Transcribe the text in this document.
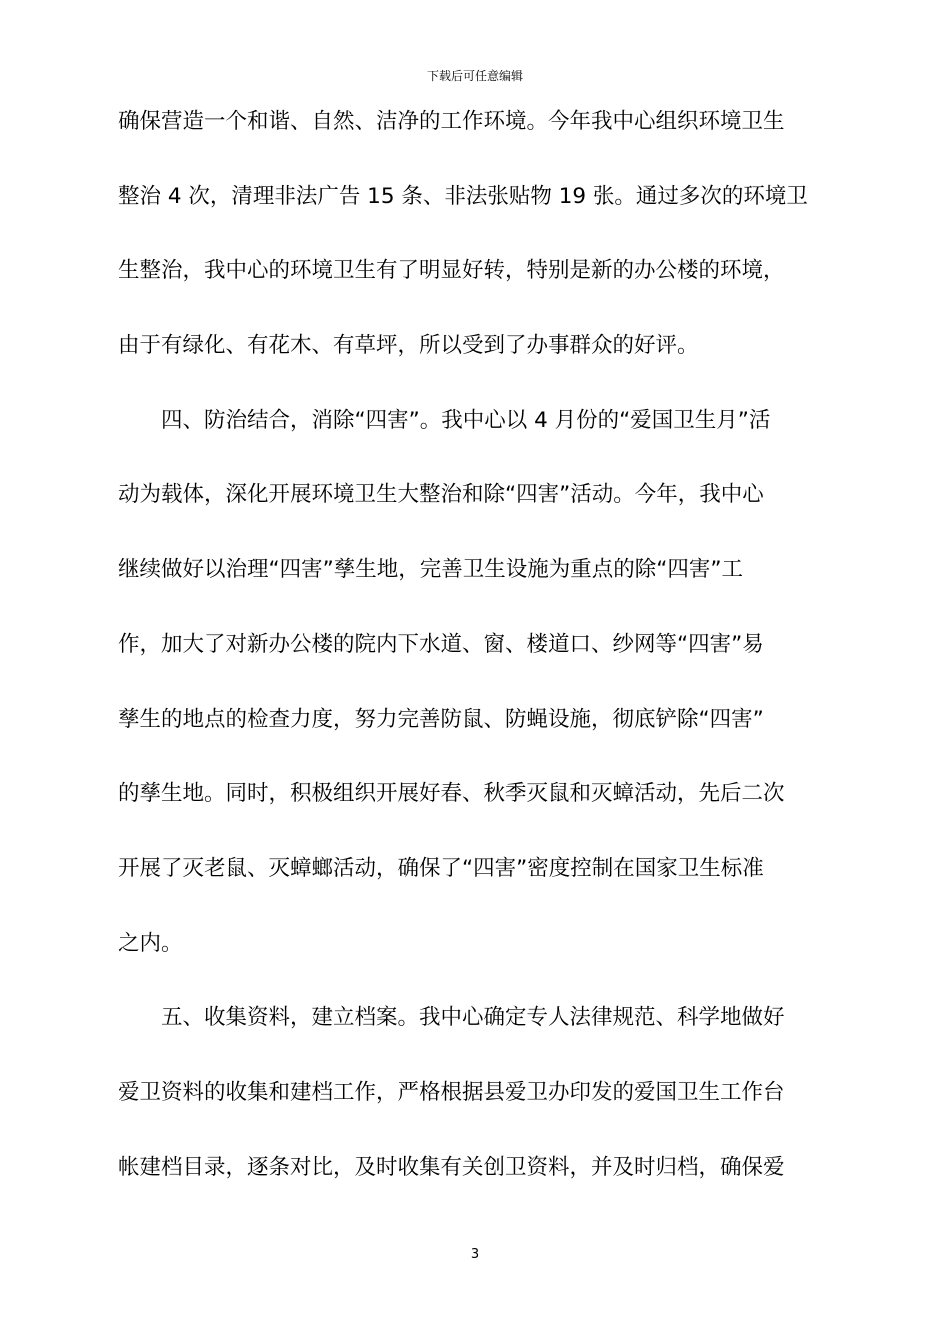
下载后可任意编辑
确保营造一个和谐、自然、洁净的工作环境。今年我中心组织环境卫生
整治 4 次，清理非法广告 15 条、非法张贴物 19 张。通过多次的环境卫
生整治，我中心的环境卫生有了明显好转，特别是新的办公楼的环境，
由于有绿化、有花木、有草坪，所以受到了办事群众的好评。
　　四、防治结合，消除“四害”。我中心以 4 月份的“爱国卫生月”活
动为载体，深化开展环境卫生大整治和除“四害”活动。今年，我中心
继续做好以治理“四害”孳生地，完善卫生设施为重点的除“四害”工
作，加大了对新办公楼的院内下水道、窗、楼道口、纱网等“四害”易
孳生的地点的检查力度，努力完善防鼠、防蝇设施，彻底铲除“四害”
的孳生地。同时，积极组织开展好春、秋季灭鼠和灭蟑活动，先后二次
开展了灭老鼠、灭蟑螂活动，确保了“四害”密度控制在国家卫生标准
之内。
　　五、收集资料，建立档案。我中心确定专人法律规范、科学地做好
爱卫资料的收集和建档工作，严格根据县爱卫办印发的爱国卫生工作台
帐建档目录，逐条对比，及时收集有关创卫资料，并及时归档，确保爱
3
